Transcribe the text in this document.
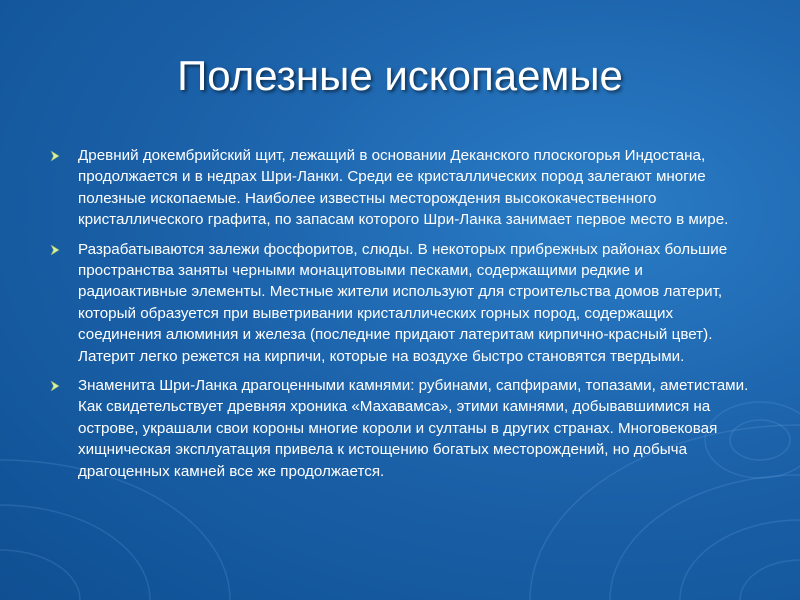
Полезные ископаемые
Древний докембрийский щит, лежащий в основании Деканского плоскогорья Индостана, продолжается и в недрах Шри-Ланки. Среди ее кристаллических пород залегают многие полезные ископаемые. Наиболее известны месторождения высококачественного кристаллического графита, по запасам которого Шри-Ланка занимает первое место в мире.
Разрабатываются залежи фосфоритов, слюды. В некоторых прибрежных районах большие пространства заняты черными монацитовыми песками, содержащими редкие и радиоактивные элементы. Местные жители используют для строительства домов латерит, который образуется при выветривании кристаллических горных пород, содержащих соединения алюминия и железа (последние придают латеритам кирпично-красный цвет). Латерит легко режется на кирпичи, которые на воздухе быстро становятся твердыми.
Знаменита Шри-Ланка драгоценными камнями: рубинами, сапфирами, топазами, аметистами. Как свидетельствует древняя хроника «Махавамса», этими камнями, добывавшимися на острове, украшали свои короны многие короли и султаны в других странах. Многовековая хищническая эксплуатация привела к истощению богатых месторождений, но добыча драгоценных камней все же продолжается.
